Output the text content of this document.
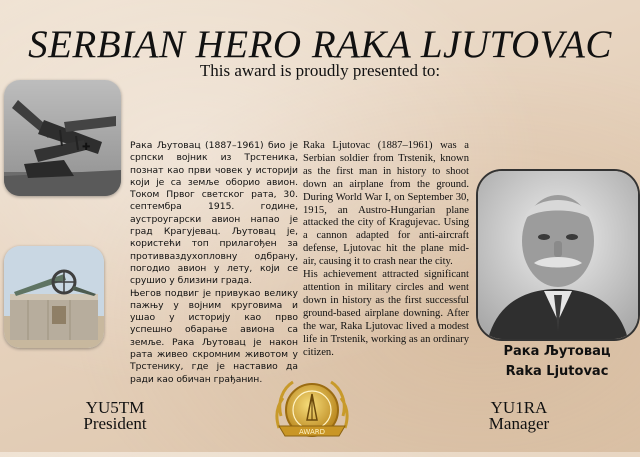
SERBIAN HERO RAKA LJUTOVAC
This award is proudly presented to:
✚	Рака Љутовац (1887–1961) био је српски војник из Трстеника, познат као први човек у историји који је са земље оборио авион. Током Првог светског рата, 30. септембра 1915. године, аустроугарски авион напао је град Крагујевац. Љутовац је, користећи топ прилагођен за противваздухопловну одбрану, погодио авион у лету, који се срушио у близини града.

Његов подвиг је привукао велику пажњу у војним круговима и ушао у историју као прво успешно обарање авиона са земље. Рака Љутовац је након рата живео скромним животом у Трстенику, где је наставио да ради као обичан грађанин.

Raka Ljutovac (1887–1961) was a Serbian soldier from Trstenik, known as the first man in history to shoot down an airplane from the ground. During World War I, on September 30, 1915, an Austro-Hungarian plane attacked the city of Kragujevac. Using a cannon adapted for anti-aircraft defense, Ljutovac hit the plane mid-air, causing it to crash near the city.

His achievement attracted significant attention in military circles and went down in history as the first successful ground-based airplane downing. After the war, Raka Ljutovac lived a modest life in Trstenik, working as an ordinary citizen.	Рака Љутовац
Raka Ljutovac
YU5TM
President
YU1RA
Manager
AWARD
